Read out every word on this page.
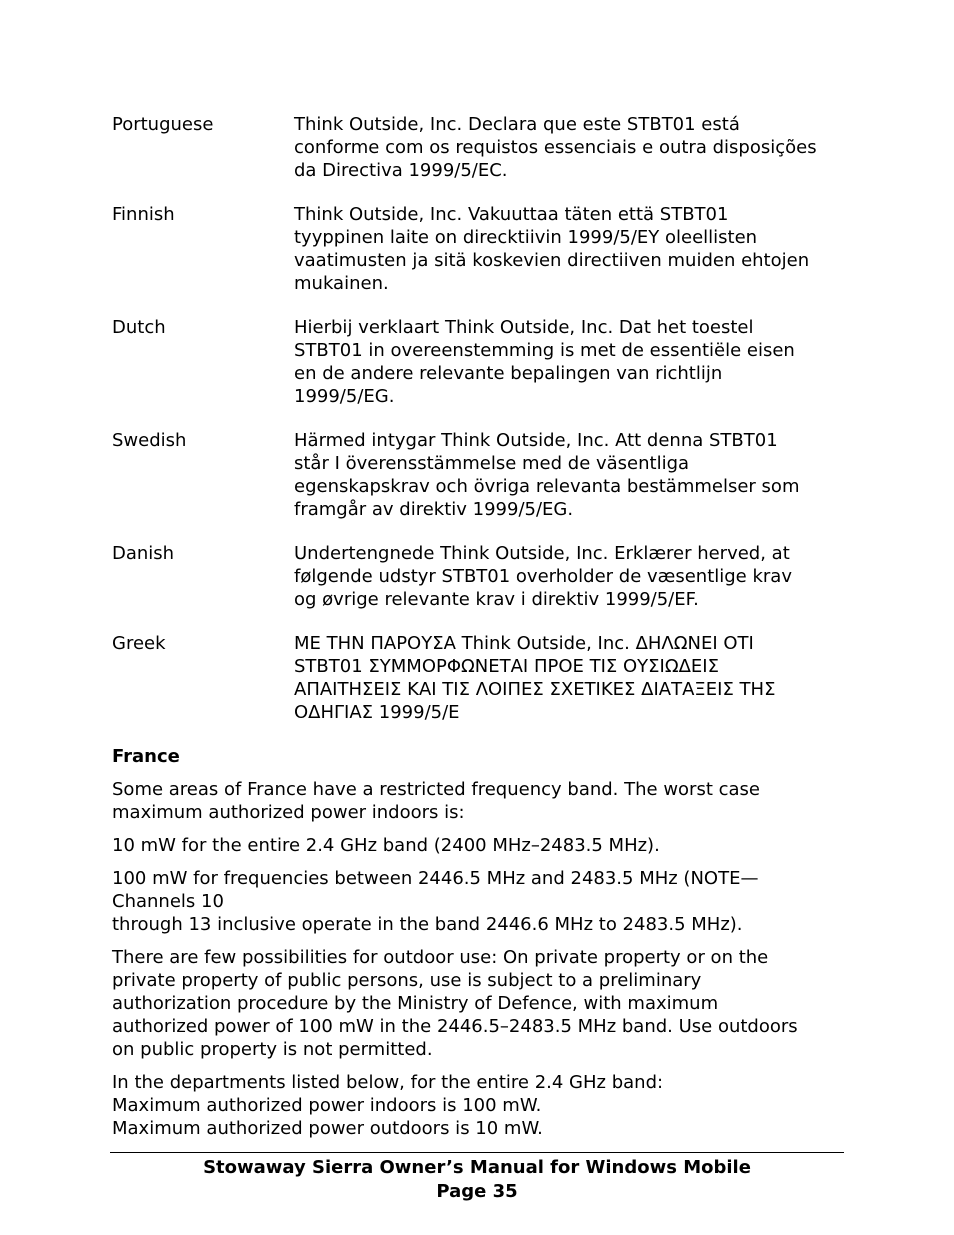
Portuguese	Think Outside, Inc. Declara que este STBT01 está
conforme com os requistos essenciais e outra disposições
da Directiva 1999/5/EC.
Finnish	Think Outside, Inc. Vakuuttaa täten että STBT01
tyyppinen laite on direcktiivin 1999/5/EY oleellisten
vaatimusten ja sitä koskevien directiiven muiden ehtojen
mukainen.
Dutch	Hierbij verklaart Think Outside, Inc. Dat het toestel
STBT01 in overeenstemming is met de essentiële eisen
en de andere relevante bepalingen van richtlijn
1999/5/EG.
Swedish	Härmed intygar Think Outside, Inc. Att denna STBT01
står I överensstämmelse med de väsentliga
egenskapskrav och övriga relevanta bestämmelser som
framgår av direktiv 1999/5/EG.
Danish	Undertengnede Think Outside, Inc. Erklærer herved, at
følgende udstyr STBT01 overholder de væsentlige krav
og øvrige relevante krav i direktiv 1999/5/EF.
Greek	ΜΕ ΤΗΝ ΠΑΡΟΥΣΑ Think Outside, Inc. ΔΗΛΩΝΕΙ ΟΤΙ
STBT01 ΣΥΜΜΟΡΦΩΝΕΤΑΙ ΠΡΟΕ ΤΙΣ ΟΥΣΙΩΔΕΙΣ
ΑΠΑΙΤΗΣΕΙΣ ΚΑΙ ΤΙΣ ΛΟΙΠΕΣ ΣΧΕΤΙΚΕΣ ΔΙΑΤΑΞΕΙΣ ΤΗΣ
ΟΔΗΓΙΑΣ 1999/5/Ε
France
Some areas of France have a restricted frequency band. The worst case
maximum authorized power indoors is:
10 mW for the entire 2.4 GHz band (2400 MHz–2483.5 MHz).
100 mW for frequencies between 2446.5 MHz and 2483.5 MHz (NOTE—
Channels 10
through 13 inclusive operate in the band 2446.6 MHz to 2483.5 MHz).
There are few possibilities for outdoor use: On private property or on the
private property of public persons, use is subject to a preliminary
authorization procedure by the Ministry of Defence, with maximum
authorized power of 100 mW in the 2446.5–2483.5 MHz band. Use outdoors
on public property is not permitted.
In the departments listed below, for the entire 2.4 GHz band:
Maximum authorized power indoors is 100 mW.
Maximum authorized power outdoors is 10 mW.
Stowaway Sierra Owner’s Manual for Windows Mobile
Page 35
